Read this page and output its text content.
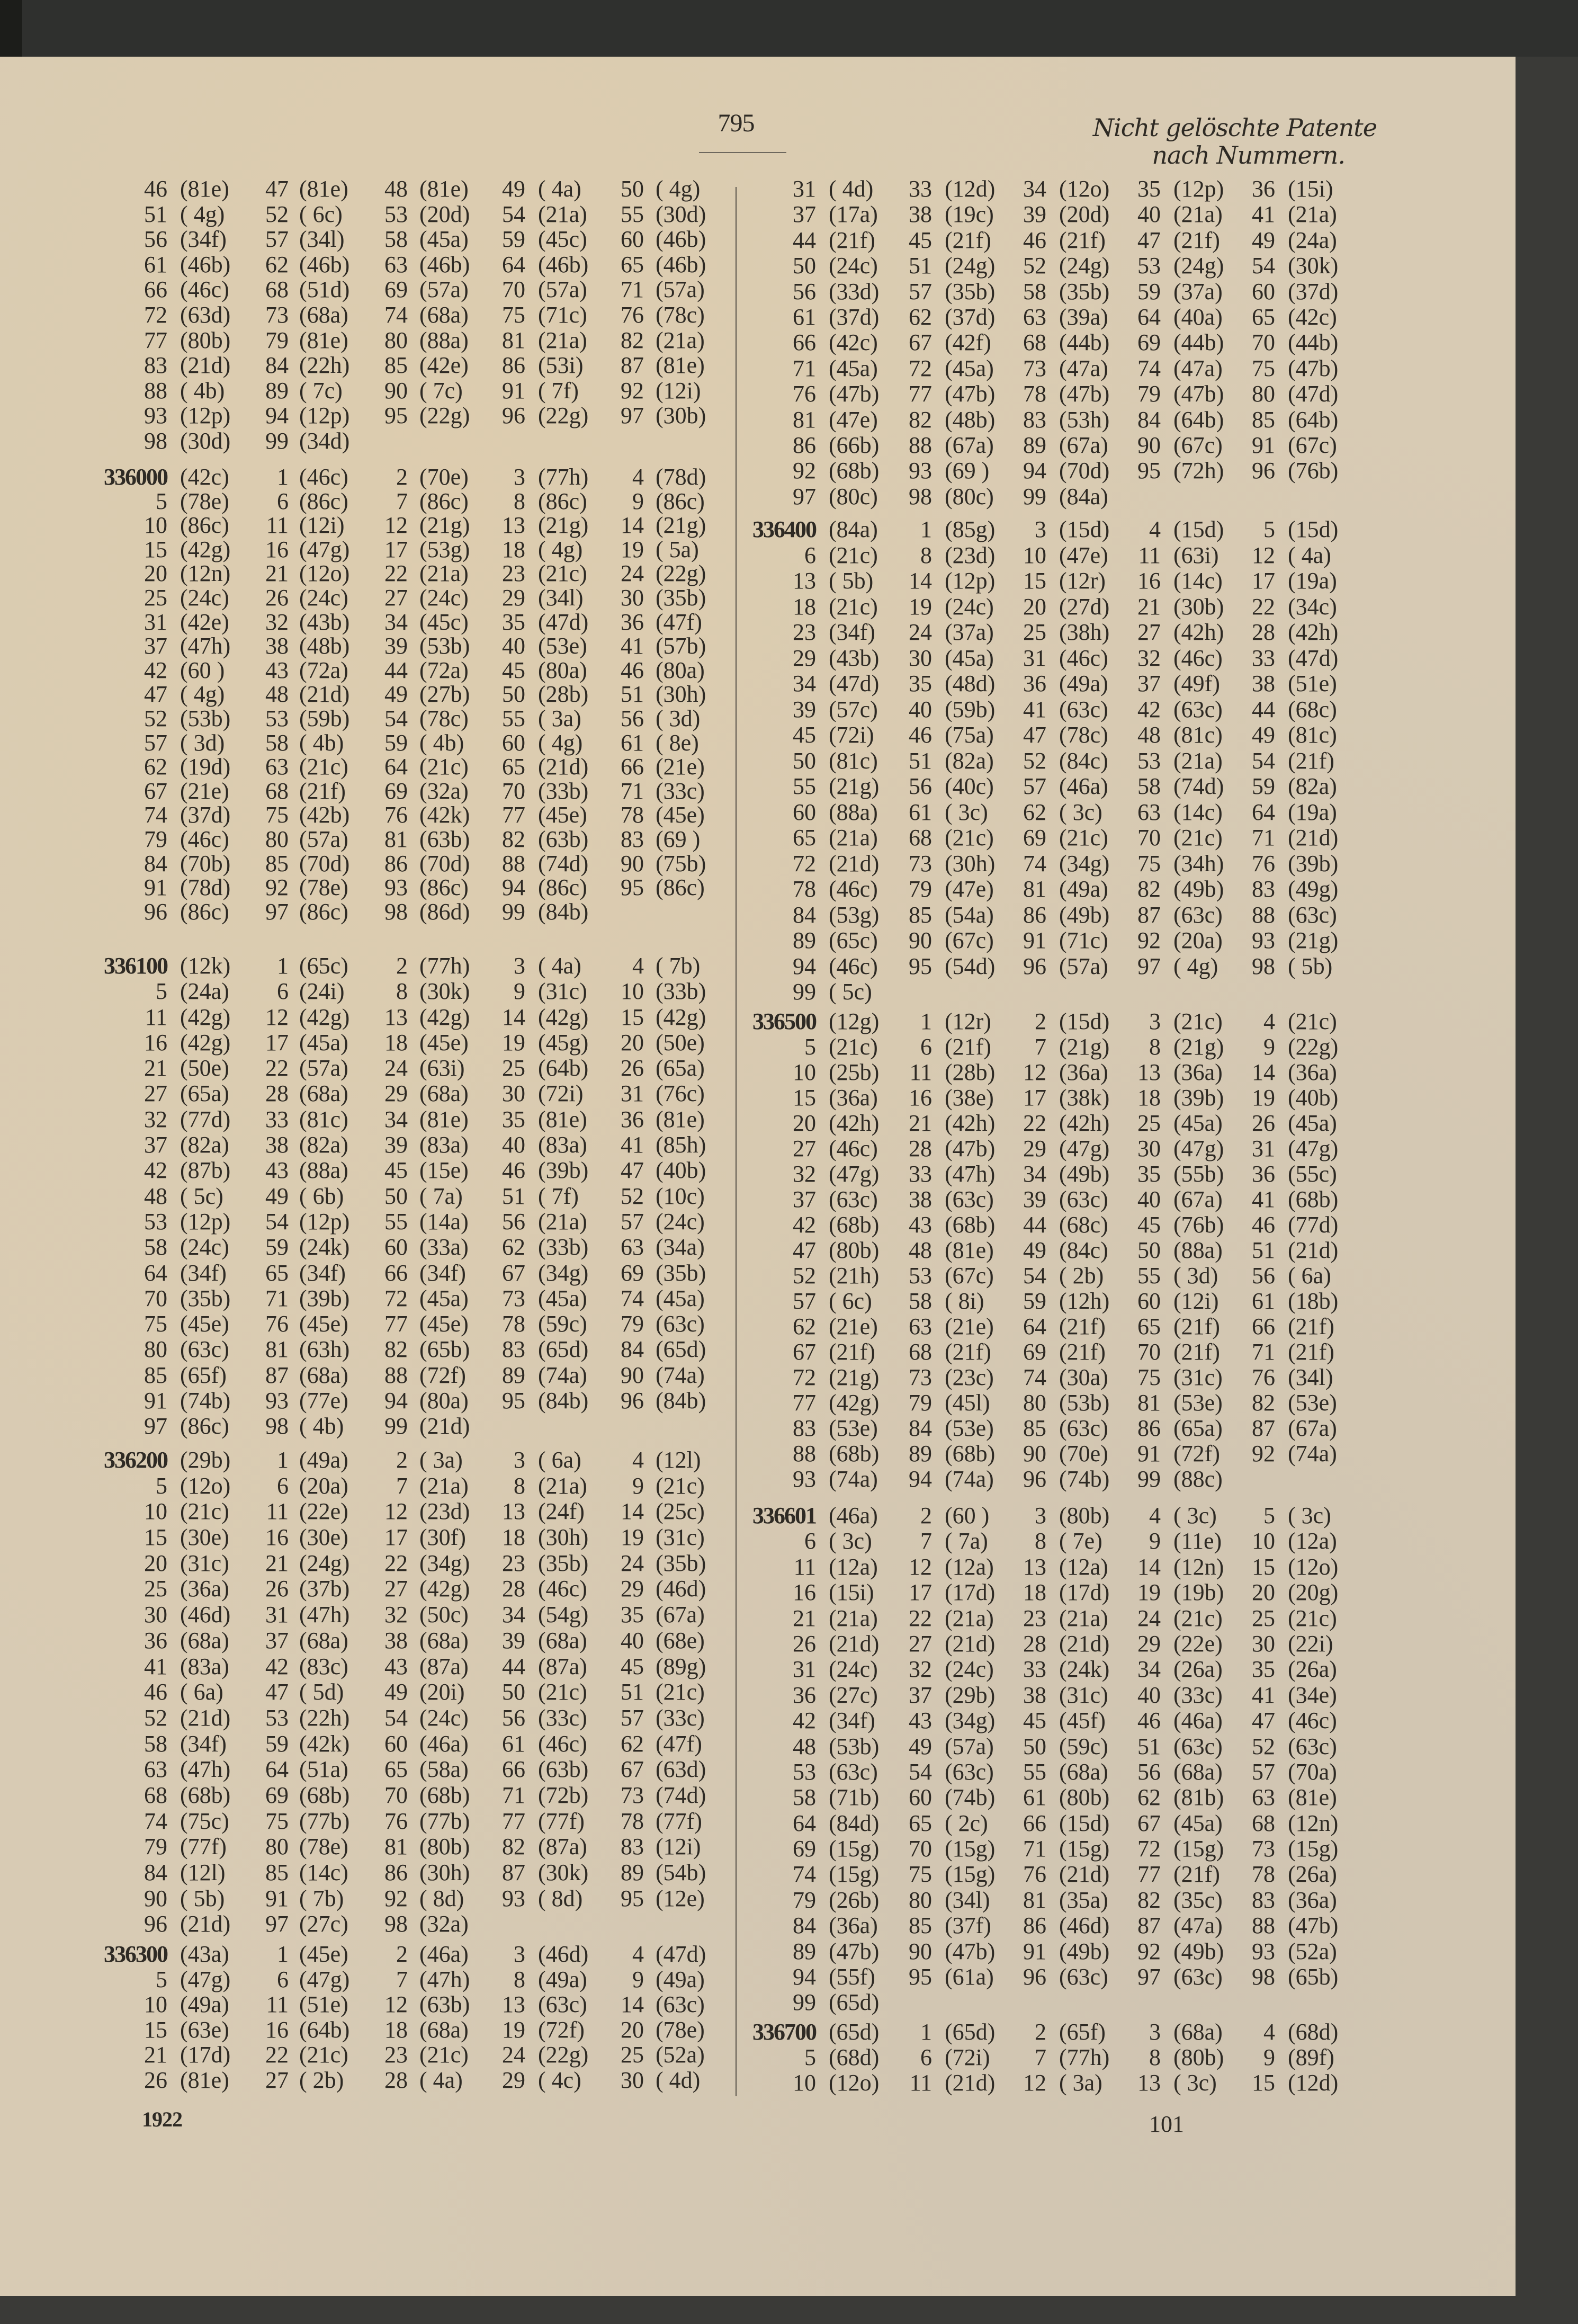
795	Nicht gelöschte Patente
nach Nummern.
46 (81e)	47 (81e)	48 (81e)	49 ( 4a)	50 ( 4g)
51 ( 4g)	52 ( 6c)	53 (20d)	54 (21a)	55 (30d)
56 (34f)	57 (34l)	58 (45a)	59 (45c)	60 (46b)
61 (46b)	62 (46b)	63 (46b)	64 (46b)	65 (46b)
66 (46c)	68 (51d)	69 (57a)	70 (57a)	71 (57a)
72 (63d)	73 (68a)	74 (68a)	75 (71c)	76 (78c)
77 (80b)	79 (81e)	80 (88a)	81 (21a)	82 (21a)
83 (21d)	84 (22h)	85 (42e)	86 (53i)	87 (81e)
88 ( 4b)	89 ( 7c)	90 ( 7c)	91 ( 7f)	92 (12i)
93 (12p)	94 (12p)	95 (22g)	96 (22g)	97 (30b)
98 (30d)	99 (34d)
336000 (42c)	1 (46c)	2 (70e)	3 (77h)	4 (78d)
5 (78e)	6 (86c)	7 (86c)	8 (86c)	9 (86c)
10 (86c)	11 (12i)	12 (21g)	13 (21g)	14 (21g)
15 (42g)	16 (47g)	17 (53g)	18 ( 4g)	19 ( 5a)
20 (12n)	21 (12o)	22 (21a)	23 (21c)	24 (22g)
25 (24c)	26 (24c)	27 (24c)	29 (34l)	30 (35b)
31 (42e)	32 (43b)	34 (45c)	35 (47d)	36 (47f)
37 (47h)	38 (48b)	39 (53b)	40 (53e)	41 (57b)
42 (60 )	43 (72a)	44 (72a)	45 (80a)	46 (80a)
47 ( 4g)	48 (21d)	49 (27b)	50 (28b)	51 (30h)
52 (53b)	53 (59b)	54 (78c)	55 ( 3a)	56 ( 3d)
57 ( 3d)	58 ( 4b)	59 ( 4b)	60 ( 4g)	61 ( 8e)
62 (19d)	63 (21c)	64 (21c)	65 (21d)	66 (21e)
67 (21e)	68 (21f)	69 (32a)	70 (33b)	71 (33c)
74 (37d)	75 (42b)	76 (42k)	77 (45e)	78 (45e)
79 (46c)	80 (57a)	81 (63b)	82 (63b)	83 (69 )
84 (70b)	85 (70d)	86 (70d)	88 (74d)	90 (75b)
91 (78d)	92 (78e)	93 (86c)	94 (86c)	95 (86c)
96 (86c)	97 (86c)	98 (86d)	99 (84b)
336100 (12k)	1 (65c)	2 (77h)	3 ( 4a)	4 ( 7b)
5 (24a)	6 (24i)	8 (30k)	9 (31c)	10 (33b)
11 (42g)	12 (42g)	13 (42g)	14 (42g)	15 (42g)
16 (42g)	17 (45a)	18 (45e)	19 (45g)	20 (50e)
21 (50e)	22 (57a)	24 (63i)	25 (64b)	26 (65a)
27 (65a)	28 (68a)	29 (68a)	30 (72i)	31 (76c)
32 (77d)	33 (81c)	34 (81e)	35 (81e)	36 (81e)
37 (82a)	38 (82a)	39 (83a)	40 (83a)	41 (85h)
42 (87b)	43 (88a)	45 (15e)	46 (39b)	47 (40b)
48 ( 5c)	49 ( 6b)	50 ( 7a)	51 ( 7f)	52 (10c)
53 (12p)	54 (12p)	55 (14a)	56 (21a)	57 (24c)
58 (24c)	59 (24k)	60 (33a)	62 (33b)	63 (34a)
64 (34f)	65 (34f)	66 (34f)	67 (34g)	69 (35b)
70 (35b)	71 (39b)	72 (45a)	73 (45a)	74 (45a)
75 (45e)	76 (45e)	77 (45e)	78 (59c)	79 (63c)
80 (63c)	81 (63h)	82 (65b)	83 (65d)	84 (65d)
85 (65f)	87 (68a)	88 (72f)	89 (74a)	90 (74a)
91 (74b)	93 (77e)	94 (80a)	95 (84b)	96 (84b)
97 (86c)	98 ( 4b)	99 (21d)
336200 (29b)	1 (49a)	2 ( 3a)	3 ( 6a)	4 (12l)
5 (12o)	6 (20a)	7 (21a)	8 (21a)	9 (21c)
10 (21c)	11 (22e)	12 (23d)	13 (24f)	14 (25c)
15 (30e)	16 (30e)	17 (30f)	18 (30h)	19 (31c)
20 (31c)	21 (24g)	22 (34g)	23 (35b)	24 (35b)
25 (36a)	26 (37b)	27 (42g)	28 (46c)	29 (46d)
30 (46d)	31 (47h)	32 (50c)	34 (54g)	35 (67a)
36 (68a)	37 (68a)	38 (68a)	39 (68a)	40 (68e)
41 (83a)	42 (83c)	43 (87a)	44 (87a)	45 (89g)
46 ( 6a)	47 ( 5d)	49 (20i)	50 (21c)	51 (21c)
52 (21d)	53 (22h)	54 (24c)	56 (33c)	57 (33c)
58 (34f)	59 (42k)	60 (46a)	61 (46c)	62 (47f)
63 (47h)	64 (51a)	65 (58a)	66 (63b)	67 (63d)
68 (68b)	69 (68b)	70 (68b)	71 (72b)	73 (74d)
74 (75c)	75 (77b)	76 (77b)	77 (77f)	78 (77f)
79 (77f)	80 (78e)	81 (80b)	82 (87a)	83 (12i)
84 (12l)	85 (14c)	86 (30h)	87 (30k)	89 (54b)
90 ( 5b)	91 ( 7b)	92 ( 8d)	93 ( 8d)	95 (12e)
96 (21d)	97 (27c)	98 (32a)
336300 (43a)	1 (45e)	2 (46a)	3 (46d)	4 (47d)
5 (47g)	6 (47g)	7 (47h)	8 (49a)	9 (49a)
10 (49a)	11 (51e)	12 (63b)	13 (63c)	14 (63c)
15 (63e)	16 (64b)	18 (68a)	19 (72f)	20 (78e)
21 (17d)	22 (21c)	23 (21c)	24 (22g)	25 (52a)
26 (81e)	27 ( 2b)	28 ( 4a)	29 ( 4c)	30 ( 4d)
31 ( 4d)	33 (12d)	34 (12o)	35 (12p)	36 (15i)
37 (17a)	38 (19c)	39 (20d)	40 (21a)	41 (21a)
44 (21f)	45 (21f)	46 (21f)	47 (21f)	49 (24a)
50 (24c)	51 (24g)	52 (24g)	53 (24g)	54 (30k)
56 (33d)	57 (35b)	58 (35b)	59 (37a)	60 (37d)
61 (37d)	62 (37d)	63 (39a)	64 (40a)	65 (42c)
66 (42c)	67 (42f)	68 (44b)	69 (44b)	70 (44b)
71 (45a)	72 (45a)	73 (47a)	74 (47a)	75 (47b)
76 (47b)	77 (47b)	78 (47b)	79 (47b)	80 (47d)
81 (47e)	82 (48b)	83 (53h)	84 (64b)	85 (64b)
86 (66b)	88 (67a)	89 (67a)	90 (67c)	91 (67c)
92 (68b)	93 (69 )	94 (70d)	95 (72h)	96 (76b)
97 (80c)	98 (80c)	99 (84a)
336400 (84a)	1 (85g)	3 (15d)	4 (15d)	5 (15d)
6 (21c)	8 (23d)	10 (47e)	11 (63i)	12 ( 4a)
13 ( 5b)	14 (12p)	15 (12r)	16 (14c)	17 (19a)
18 (21c)	19 (24c)	20 (27d)	21 (30b)	22 (34c)
23 (34f)	24 (37a)	25 (38h)	27 (42h)	28 (42h)
29 (43b)	30 (45a)	31 (46c)	32 (46c)	33 (47d)
34 (47d)	35 (48d)	36 (49a)	37 (49f)	38 (51e)
39 (57c)	40 (59b)	41 (63c)	42 (63c)	44 (68c)
45 (72i)	46 (75a)	47 (78c)	48 (81c)	49 (81c)
50 (81c)	51 (82a)	52 (84c)	53 (21a)	54 (21f)
55 (21g)	56 (40c)	57 (46a)	58 (74d)	59 (82a)
60 (88a)	61 ( 3c)	62 ( 3c)	63 (14c)	64 (19a)
65 (21a)	68 (21c)	69 (21c)	70 (21c)	71 (21d)
72 (21d)	73 (30h)	74 (34g)	75 (34h)	76 (39b)
78 (46c)	79 (47e)	81 (49a)	82 (49b)	83 (49g)
84 (53g)	85 (54a)	86 (49b)	87 (63c)	88 (63c)
89 (65c)	90 (67c)	91 (71c)	92 (20a)	93 (21g)
94 (46c)	95 (54d)	96 (57a)	97 ( 4g)	98 ( 5b)
99 ( 5c)
336500 (12g)	1 (12r)	2 (15d)	3 (21c)	4 (21c)
5 (21c)	6 (21f)	7 (21g)	8 (21g)	9 (22g)
10 (25b)	11 (28b)	12 (36a)	13 (36a)	14 (36a)
15 (36a)	16 (38e)	17 (38k)	18 (39b)	19 (40b)
20 (42h)	21 (42h)	22 (42h)	25 (45a)	26 (45a)
27 (46c)	28 (47b)	29 (47g)	30 (47g)	31 (47g)
32 (47g)	33 (47h)	34 (49b)	35 (55b)	36 (55c)
37 (63c)	38 (63c)	39 (63c)	40 (67a)	41 (68b)
42 (68b)	43 (68b)	44 (68c)	45 (76b)	46 (77d)
47 (80b)	48 (81e)	49 (84c)	50 (88a)	51 (21d)
52 (21h)	53 (67c)	54 ( 2b)	55 ( 3d)	56 ( 6a)
57 ( 6c)	58 ( 8i)	59 (12h)	60 (12i)	61 (18b)
62 (21e)	63 (21e)	64 (21f)	65 (21f)	66 (21f)
67 (21f)	68 (21f)	69 (21f)	70 (21f)	71 (21f)
72 (21g)	73 (23c)	74 (30a)	75 (31c)	76 (34l)
77 (42g)	79 (45l)	80 (53b)	81 (53e)	82 (53e)
83 (53e)	84 (53e)	85 (63c)	86 (65a)	87 (67a)
88 (68b)	89 (68b)	90 (70e)	91 (72f)	92 (74a)
93 (74a)	94 (74a)	96 (74b)	99 (88c)
336601 (46a)	2 (60 )	3 (80b)	4 ( 3c)	5 ( 3c)
6 ( 3c)	7 ( 7a)	8 ( 7e)	9 (11e)	10 (12a)
11 (12a)	12 (12a)	13 (12a)	14 (12n)	15 (12o)
16 (15i)	17 (17d)	18 (17d)	19 (19b)	20 (20g)
21 (21a)	22 (21a)	23 (21a)	24 (21c)	25 (21c)
26 (21d)	27 (21d)	28 (21d)	29 (22e)	30 (22i)
31 (24c)	32 (24c)	33 (24k)	34 (26a)	35 (26a)
36 (27c)	37 (29b)	38 (31c)	40 (33c)	41 (34e)
42 (34f)	43 (34g)	45 (45f)	46 (46a)	47 (46c)
48 (53b)	49 (57a)	50 (59c)	51 (63c)	52 (63c)
53 (63c)	54 (63c)	55 (68a)	56 (68a)	57 (70a)
58 (71b)	60 (74b)	61 (80b)	62 (81b)	63 (81e)
64 (84d)	65 ( 2c)	66 (15d)	67 (45a)	68 (12n)
69 (15g)	70 (15g)	71 (15g)	72 (15g)	73 (15g)
74 (15g)	75 (15g)	76 (21d)	77 (21f)	78 (26a)
79 (26b)	80 (34l)	81 (35a)	82 (35c)	83 (36a)
84 (36a)	85 (37f)	86 (46d)	87 (47a)	88 (47b)
89 (47b)	90 (47b)	91 (49b)	92 (49b)	93 (52a)
94 (55f)	95 (61a)	96 (63c)	97 (63c)	98 (65b)
99 (65d)
336700 (65d)	1 (65d)	2 (65f)	3 (68a)	4 (68d)
5 (68d)	6 (72i)	7 (77h)	8 (80b)	9 (89f)
10 (12o)	11 (21d)	12 ( 3a)	13 ( 3c)	15 (12d)
1922	101
